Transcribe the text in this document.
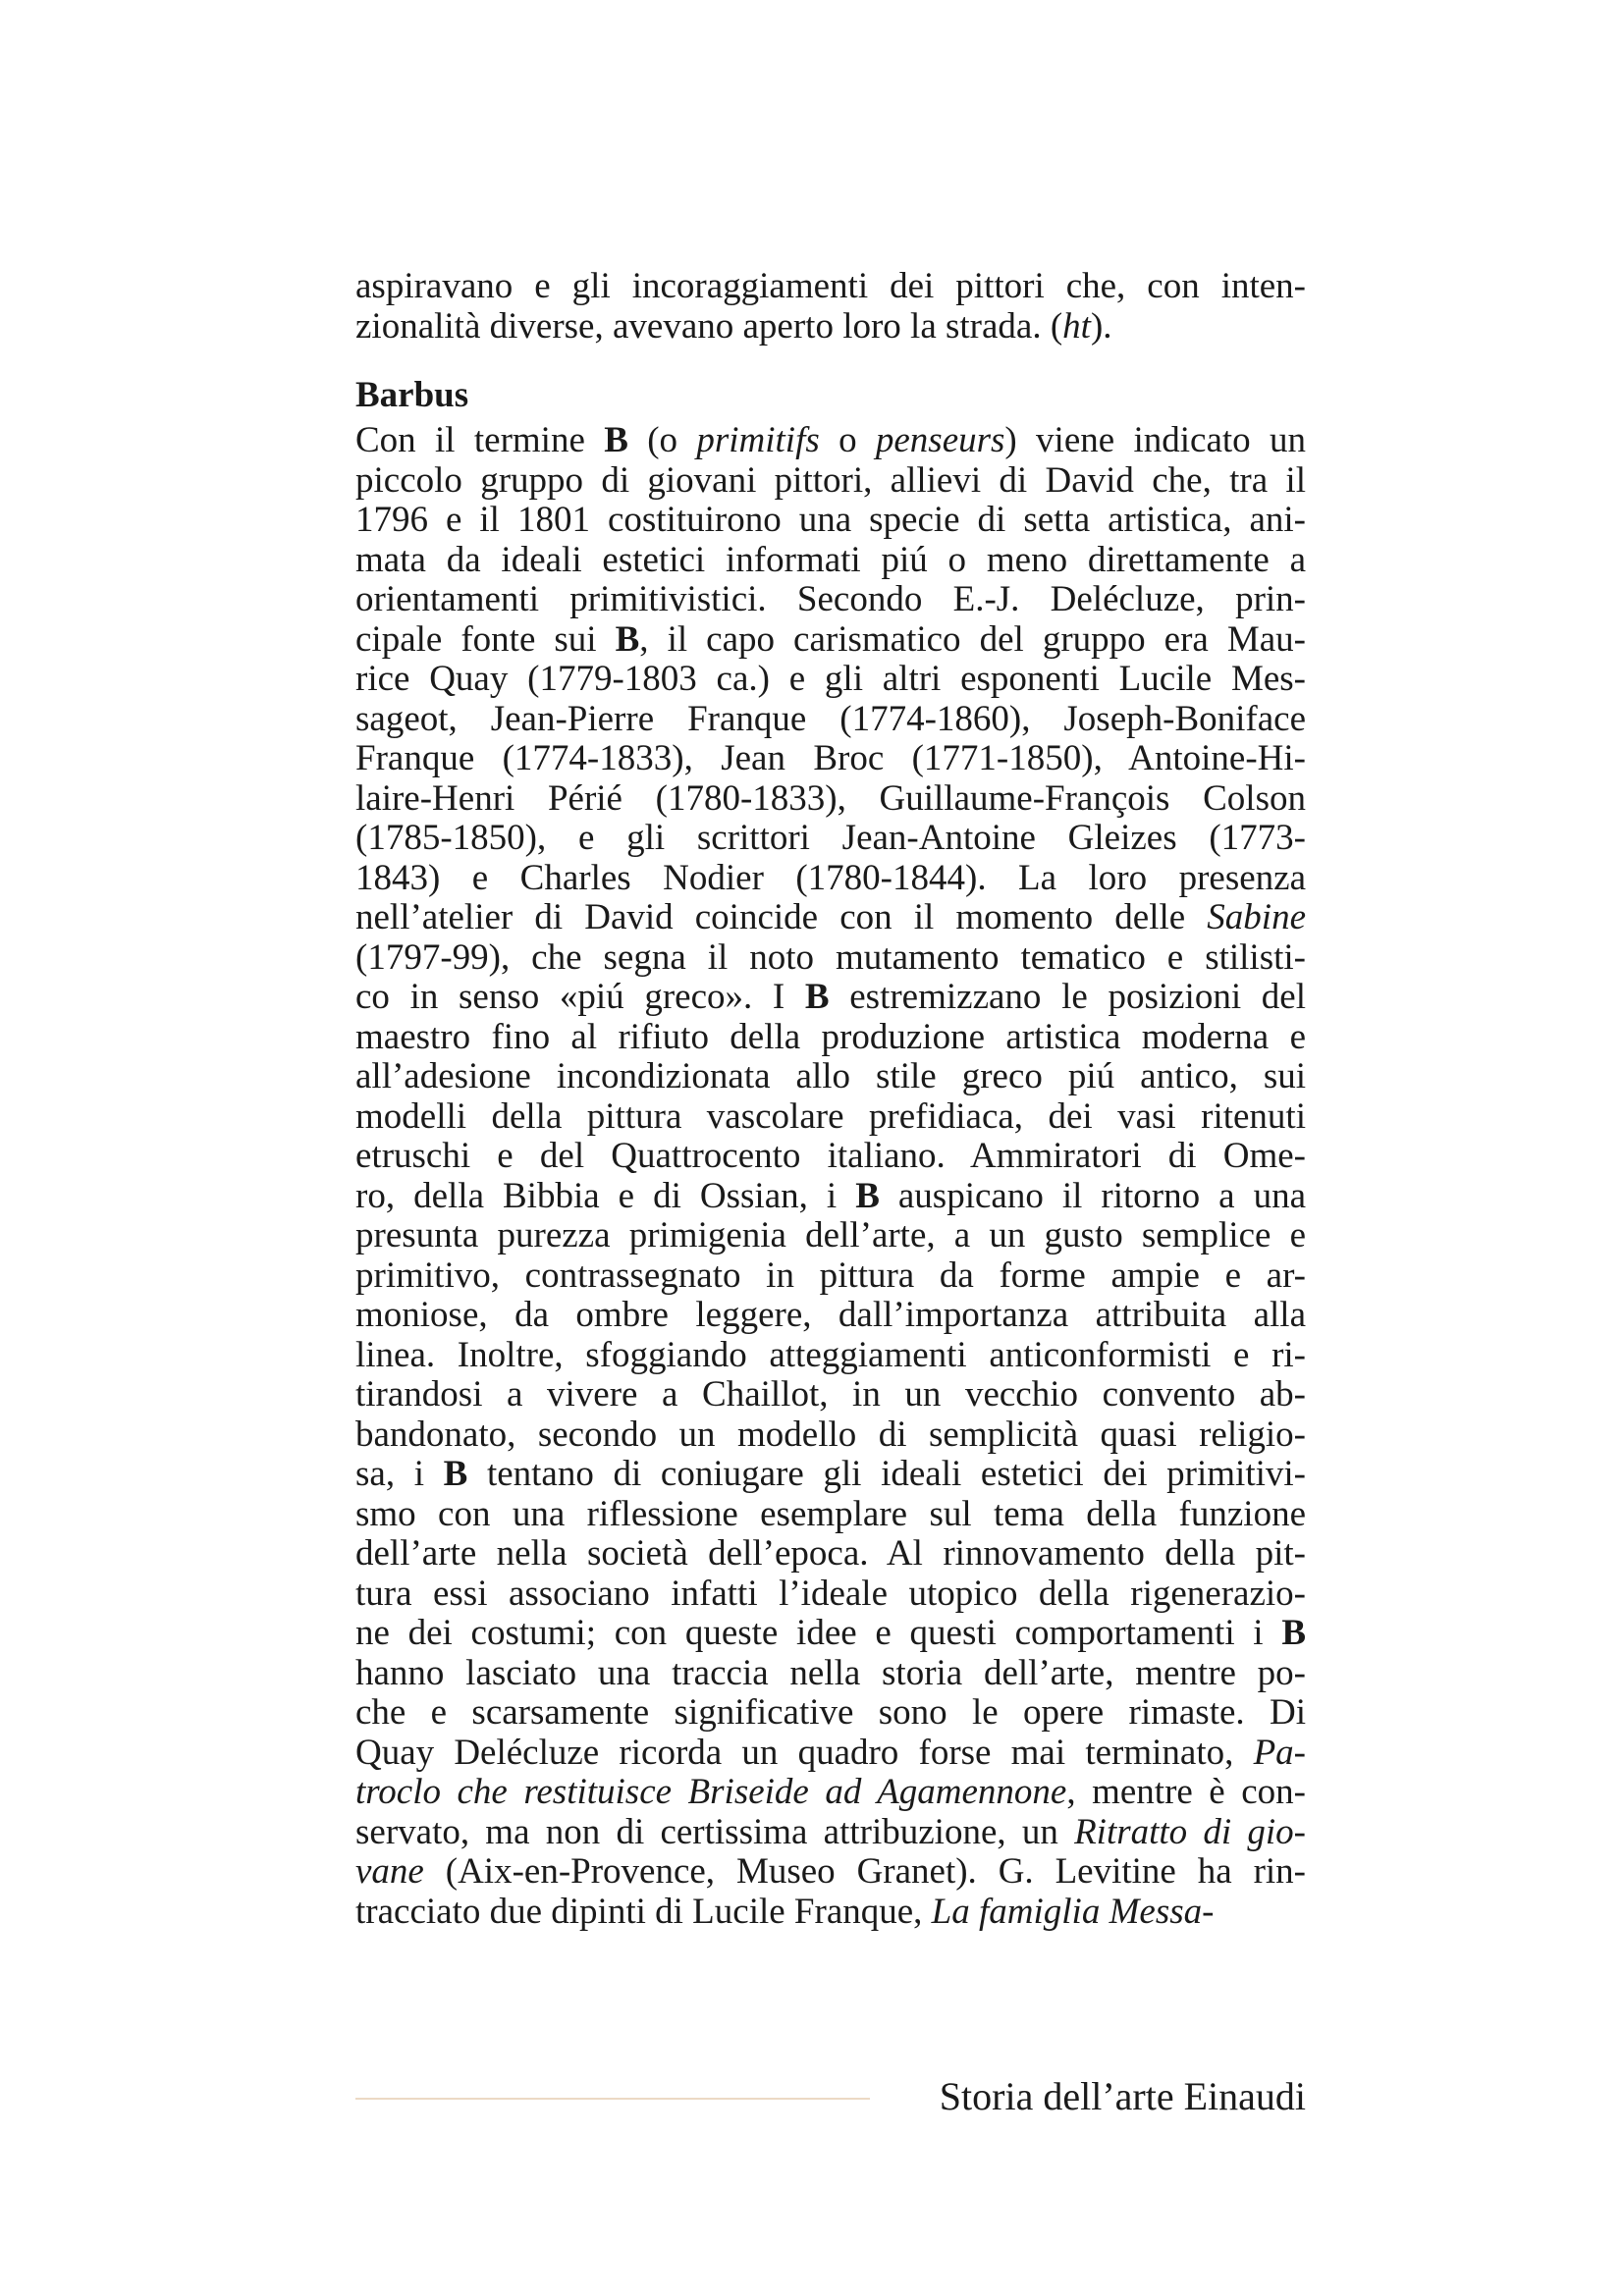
aspiravano e gli incoraggiamenti dei pittori che, con inten-
zionalità diverse, avevano aperto loro la strada. (ht).
Barbus
Con il termine B (o primitifs o penseurs) viene indicato un
piccolo gruppo di giovani pittori, allievi di David che, tra il
1796 e il 1801 costituirono una specie di setta artistica, ani-
mata da ideali estetici informati piú o meno direttamente a
orientamenti primitivistici. Secondo E.-J. Delécluze, prin-
cipale fonte sui B, il capo carismatico del gruppo era Mau-
rice Quay (1779-1803 ca.) e gli altri esponenti Lucile Mes-
sageot, Jean-Pierre Franque (1774-1860), Joseph-Boniface
Franque (1774-1833), Jean Broc (1771-1850), Antoine-Hi-
laire-Henri Périé (1780-1833), Guillaume-François Colson
(1785-1850), e gli scrittori Jean-Antoine Gleizes (1773-
1843) e Charles Nodier (1780-1844). La loro presenza
nell’atelier di David coincide con il momento delle Sabine
(1797-99), che segna il noto mutamento tematico e stilisti-
co in senso «piú greco». I B estremizzano le posizioni del
maestro fino al rifiuto della produzione artistica moderna e
all’adesione incondizionata allo stile greco piú antico, sui
modelli della pittura vascolare prefidiaca, dei vasi ritenuti
etruschi e del Quattrocento italiano. Ammiratori di Ome-
ro, della Bibbia e di Ossian, i B auspicano il ritorno a una
presunta purezza primigenia dell’arte, a un gusto semplice e
primitivo, contrassegnato in pittura da forme ampie e ar-
moniose, da ombre leggere, dall’importanza attribuita alla
linea. Inoltre, sfoggiando atteggiamenti anticonformisti e ri-
tirandosi a vivere a Chaillot, in un vecchio convento ab-
bandonato, secondo un modello di semplicità quasi religio-
sa, i B tentano di coniugare gli ideali estetici dei primitivi-
smo con una riflessione esemplare sul tema della funzione
dell’arte nella società dell’epoca. Al rinnovamento della pit-
tura essi associano infatti l’ideale utopico della rigenerazio-
ne dei costumi; con queste idee e questi comportamenti i B
hanno lasciato una traccia nella storia dell’arte, mentre po-
che e scarsamente significative sono le opere rimaste. Di
Quay Delécluze ricorda un quadro forse mai terminato, Pa-
troclo che restituisce Briseide ad Agamennone, mentre è con-
servato, ma non di certissima attribuzione, un Ritratto di gio-
vane (Aix-en-Provence, Museo Granet). G. Levitine ha rin-
tracciato due dipinti di Lucile Franque, La famiglia Messa-
Storia dell’arte Einaudi
